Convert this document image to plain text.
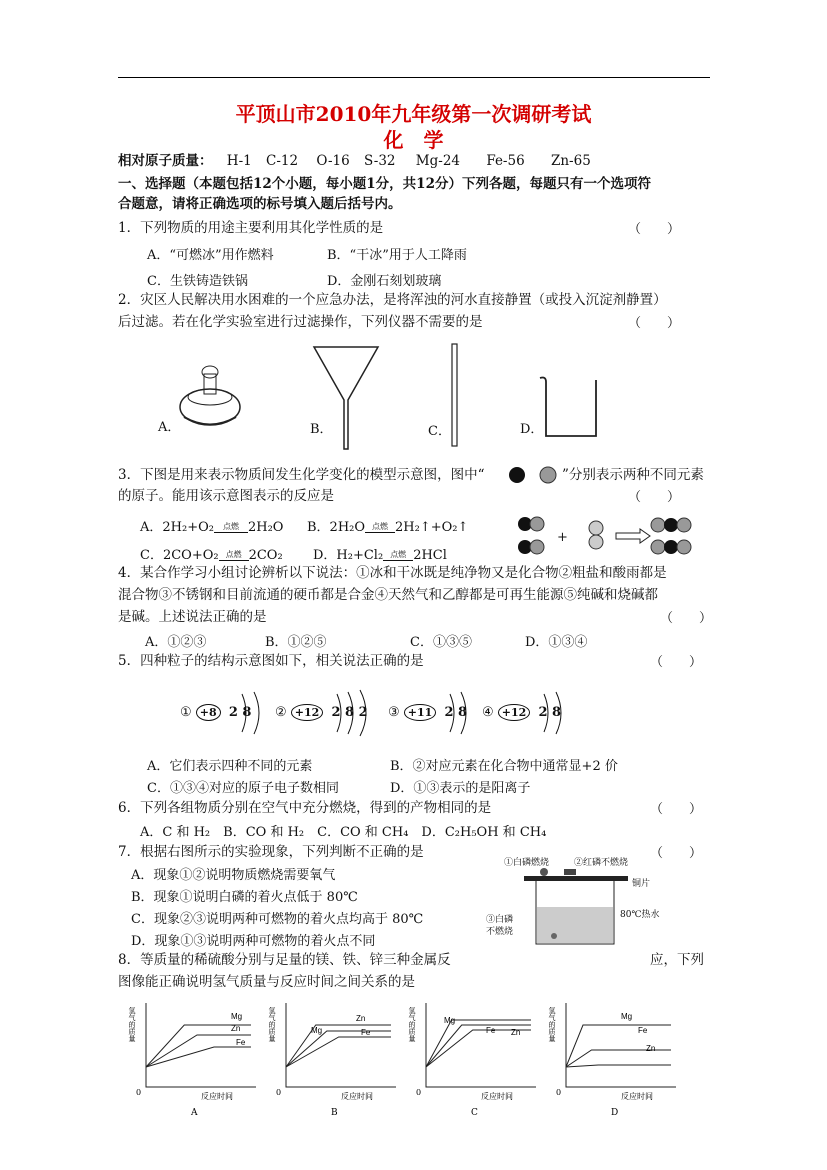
平顶山市2010年九年级第一次调研考试
化　学
相对原子质量： H-1 C-12 O-16 S-32 Mg-24 Fe-56 Zn-65
一、选择题（本题包括12个小题，每小题1分，共12分）下列各题，每题只有一个选项符
合题意，请将正确选项的标号填入题后括号内。
1．下列物质的用途主要利用其化学性质的是	（　　）
A．“可燃冰”用作燃料	B．“干冰”用于人工降雨
C．生铁铸造铁锅	D．金刚石刻划玻璃
2．灾区人民解决用水困难的一个应急办法，是将浑浊的河水直接静置（或投入沉淀剂静置）
后过滤。若在化学实验室进行过滤操作，下列仪器不需要的是	（　　）
A．	B．	C．	D．
3．下图是用来表示物质间发生化学变化的模型示意图，图中“	”分别表示两种不同元素
的原子。能用该示意图表示的反应是	（　　）
A．2H₂+O₂ 点燃 2H₂O B．2H₂O 点燃 2H₂↑+O₂↑
C．2CO+O₂ 点燃 2CO₂ D．H₂+Cl₂ 点燃 2HCl
+
4．某合作学习小组讨论辨析以下说法：①冰和干冰既是纯净物又是化合物②粗盐和酸雨都是
混合物③不锈钢和目前流通的硬币都是合金④天然气和乙醇都是可再生能源⑤纯碱和烧碱都
是碱。上述说法正确的是	（　　）
A．①②③	B．①②⑤	C．①③⑤	D．①③④
5．四种粒子的结构示意图如下，相关说法正确的是	（　　）
① +8 2 8 ② +12 2 8 2 ③ +11 2 8 ④ +12 2 8
A．它们表示四种不同的元素	B．②对应元素在化合物中通常显+2 价
C．①③④对应的原子电子数相同	D．①③表示的是阳离子
6．下列各组物质分别在空气中充分燃烧，得到的产物相同的是	（　　）
A．C 和 H₂　B．CO 和 H₂　C．CO 和 CH₄　D．C₂H₅OH 和 CH₄
7．根据右图所示的实验现象，下列判断不正确的是	（　　）
A．现象①②说明物质燃烧需要氧气
B．现象①说明白磷的着火点低于 80℃
C．现象②③说明两种可燃物的着火点均高于 80℃
D．现象①③说明两种可燃物的着火点不同
①白磷燃烧	②红磷不燃烧
铜片
③白磷
不燃烧
80℃热水
8．等质量的稀硫酸分别与足量的镁、铁、锌三种金属反	应，下列
图像能正确说明氢气质量与反应时间之间关系的是
Mg
Zn
Fe
0	反应时间
氢气的质量
A
Mg
Zn
Fe
0	反应时间
氢气的质量
B
Mg
Fe Zn
0	反应时间
氢气的质量
C
Mg
Fe
Zn
0	反应时间
氢气的质量
D
